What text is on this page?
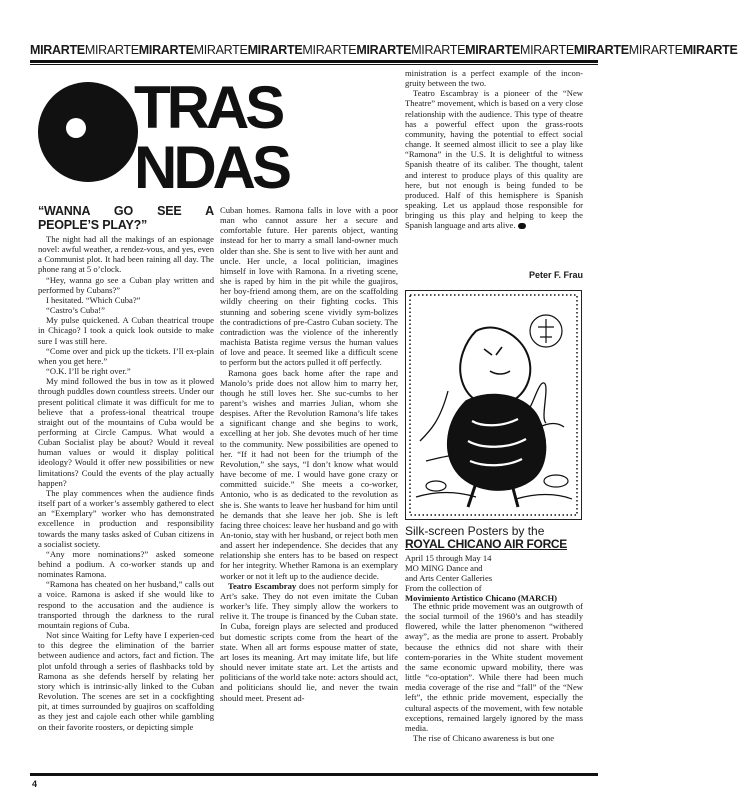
MIRARTEMIRARTEMIRARTEMIRARTEMIRARTEMIRARTEMIRARTEMIRARTEMIRARTEMIRARTEMIRARTEMIRARTEMIRARTE
TRAS
NDAS
“WANNA GO SEE A PEOPLE’S PLAY?”

The night had all the makings of an espionage novel: awful weather, a rendez-vous, and yes, even a Communist plot. It had been raining all day. The phone rang at 5 o’clock.

“Hey, wanna go see a Cuban play written and performed by Cubans?”

I hesitated. “Which Cuba?”

“Castro’s Cuba!”

My pulse quickened. A Cuban theatrical troupe in Chicago? I took a quick look outside to make sure I was still here.

“Come over and pick up the tickets. I’ll ex-plain when you get here.”

“O.K. I’ll be right over.”

My mind followed the bus in tow as it plowed through puddles down countless streets. Under our present political climate it was difficult for me to believe that a profess-ional theatrical troupe straight out of the mountains of Cuba would be performing at Circle Campus. What would a Cuban Socialist play be about? Would it reveal human values or would it display political ideology? Would it offer new possibilities or new limitations? Could the events of the play actually happen?

The play commences when the audience finds itself part of a worker’s assembly gathered to elect an “Exemplary” worker who has demonstrated excellence in production and responsibility towards the many tasks asked of Cuban citizens in a socialist society.

“Any more nominations?” asked someone behind a podium. A co-worker stands up and nominates Ramona.

“Ramona has cheated on her husband,” calls out a voice. Ramona is asked if she would like to respond to the accusation and the audience is transported through the darkness to the rural mountain regions of Cuba.

Not since Waiting for Lefty have I experien-ced to this degree the elimination of the barrier between audience and actors, fact and fiction. The plot unfold through a series of flashbacks told by Ramona as she defends herself by relating her story which is intrinsic-ally linked to the Cuban Revolution. The scenes are set in a cockfighting pit, at times surrounded by guajiros on scaffolding as they jest and cajole each other while gambling on their favorite roosters, or depicting simple

Cuban homes. Ramona falls in love with a poor man who cannot assure her a secure and comfortable future. Her parents object, wanting instead for her to marry a small land-owner much older than she. She is sent to live with her aunt and uncle. Her uncle, a local politician, imagines himself in love with Ramona. In a riveting scene, she is raped by him in the pit while the guajiros, her boy-friend among them, are on the scaffolding wildly cheering on their fighting cocks. This stunning and sobering scene vividly sym-bolizes the contradictions of pre-Castro Cuban society. The contradiction was the violence of the inherently machista Batista regime versus the human values of love and peace. It seemed like a difficult scene to perform but the actors pulled it off perfectly.

Ramona goes back home after the rape and Manolo’s pride does not allow him to marry her, though he still loves her. She suc-cumbs to her parent’s wishes and marries Julian, whom she despises. After the Revolution Ramona’s life takes a significant change and she begins to work, excelling at her job. She devotes much of her time to the community. New possibilities are opened to her. “If it had not been for the triumph of the Revolution,” she says, “I don’t know what would have become of me. I would have gone crazy or committed suicide.” She meets a co-worker, Antonio, who is as dedicated to the revolution as she is. She wants to leave her husband for him until he demands that she leave her job. She is left facing three choices: leave her husband and go with An-tonio, stay with her husband, or reject both men and assert her independence. She decides that any relationship she enters has to be based on respect for her integrity. Whether Ramona is an exemplary worker or not it left up to the audience decide.

Teatro Escambray does not perform simply for Art’s sake. They do not even imitate the Cuban worker’s life. They simply allow the workers to relive it. The troupe is financed by the Cuban state. In Cuba, foreign plays are selected and produced but domestic scripts come from the heart of the state. When all art forms espouse matter of state, art loses its meaning. Art may imitate life, but life should never imitate state art. Let the artists and politicians of the world take note: actors should act, and politicians should lie, and never the twain should meet. Present ad-

ministration is a perfect example of the incon-gruity between the two.

Teatro Escambray is a pioneer of the “New Theatre” movement, which is based on a very close relationship with the audience. This type of theatre has a powerful effect upon the grass-roots community, having the potential to effect social change. It seemed almost illicit to see a play like “Ramona” in the U.S. It is delightful to witness Spanish theatre of its caliber. The thought, talent and interest to produce plays of this quality are here, but not enough is being funded to be produced. Half of this hemisphere is Spanish speaking. Let us applaud those responsible for bringing us this play and helping to keep the Spanish language and arts alive.

Peter F. Frau

Silk-screen Posters by the

ROYAL CHICANO AIR FORCE

April 15 through May 14

MO MING Dance and

and Arts Center Galleries

From the collection of

Movimiento Artistico Chicano (MARCH)

The ethnic pride movement was an outgrowth of the social turmoil of the 1960’s and has steadily flowered, while the latter phenomenon “withered away”, as the media are prone to assert. Probably because the ethnics did not share with their contem-poraries in the White student movement the same economic upward mobility, there was little “co-optation”. While there had been much media coverage of the rise and “fall” of the “New left”, the ethnic pride movement, especially the cultural aspects of the movement, with few notable exceptions, remained largely ignored by the mass media.

The rise of Chicano awareness is but one

4
